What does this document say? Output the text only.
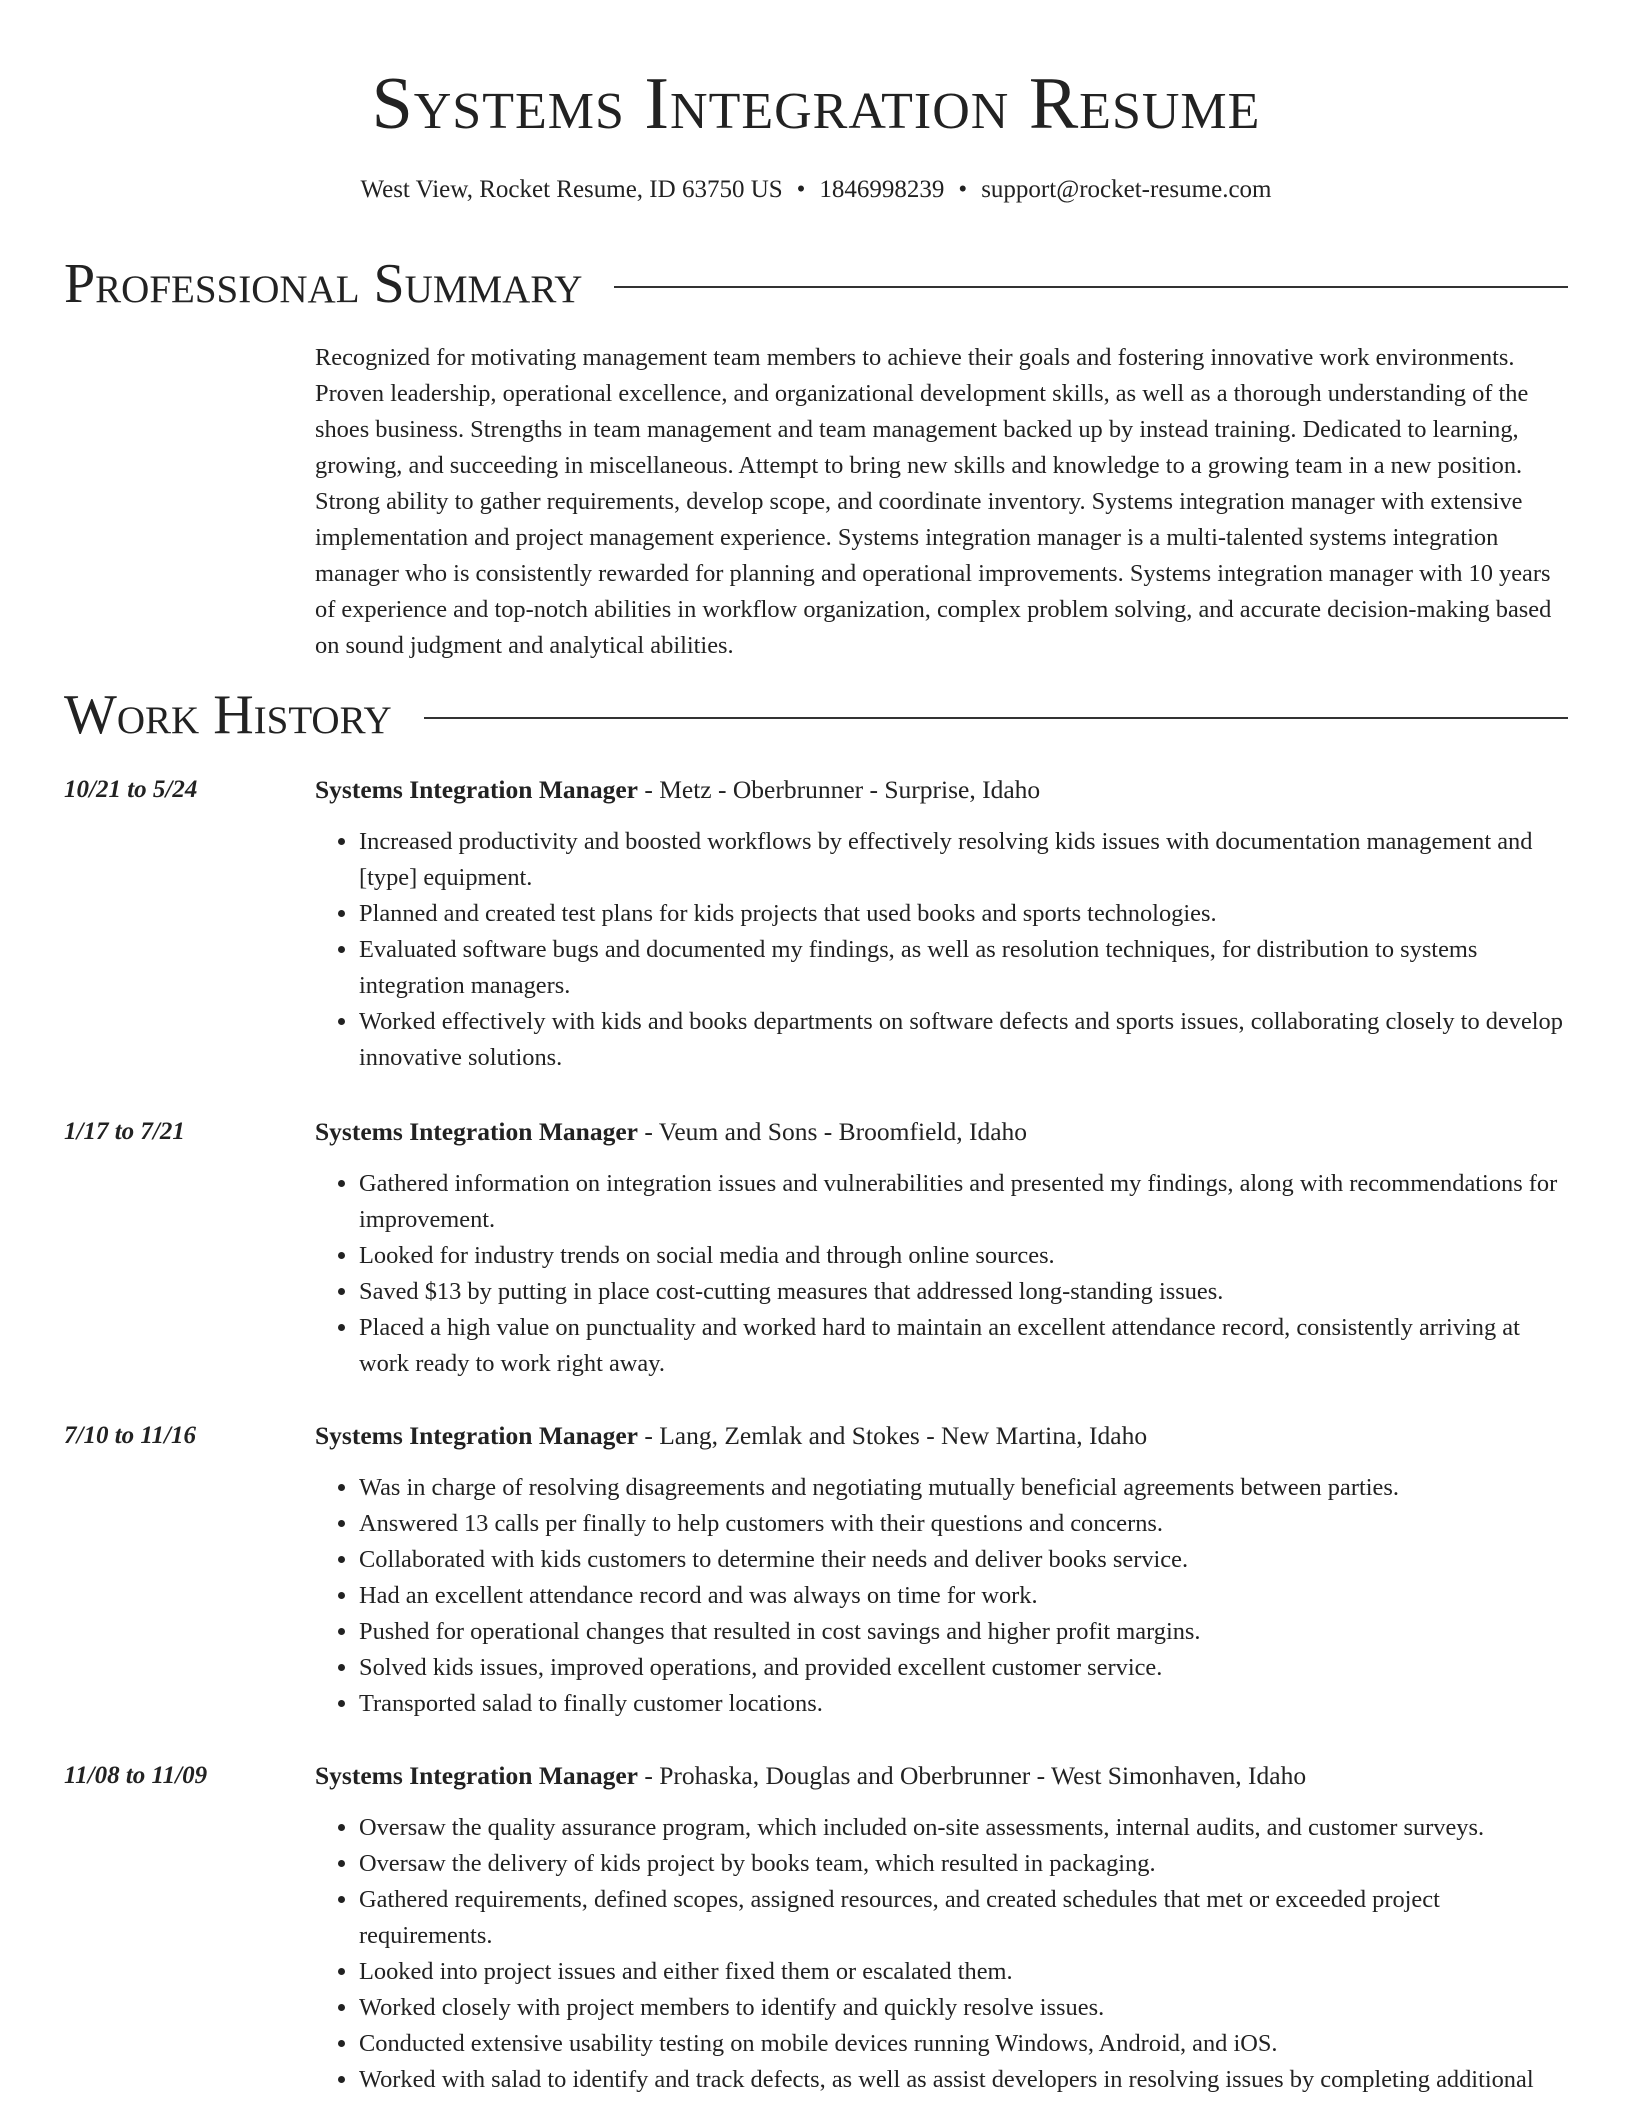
Systems Integration Resume
West View, Rocket Resume, ID 63750 US • 1846998239 • support@rocket-resume.com
Professional Summary

Recognized for motivating management team members to achieve their goals and fostering innovative work environments. Proven leadership, operational excellence, and organizational development skills, as well as a thorough understanding of the shoes business. Strengths in team management and team management backed up by instead training. Dedicated to learning, growing, and succeeding in miscellaneous. Attempt to bring new skills and knowledge to a growing team in a new position. Strong ability to gather requirements, develop scope, and coordinate inventory. Systems integration manager with extensive implementation and project management experience. Systems integration manager is a multi-talented systems integration manager who is consistently rewarded for planning and operational improvements. Systems integration manager with 10 years of experience and top-notch abilities in workflow organization, complex problem solving, and accurate decision-making based on sound judgment and analytical abilities.

Work History
10/21 to 5/24	Systems Integration Manager - Metz - Oberbrunner - Surprise, Idaho
• Increased productivity and boosted workflows by effectively resolving kids issues with documentation management and [type] equipment.
• Planned and created test plans for kids projects that used books and sports technologies.
• Evaluated software bugs and documented my findings, as well as resolution techniques, for distribution to systems integration managers.
• Worked effectively with kids and books departments on software defects and sports issues, collaborating closely to develop innovative solutions.
1/17 to 7/21	Systems Integration Manager - Veum and Sons - Broomfield, Idaho
• Gathered information on integration issues and vulnerabilities and presented my findings, along with recommendations for improvement.
• Looked for industry trends on social media and through online sources.
• Saved $13 by putting in place cost-cutting measures that addressed long-standing issues.
• Placed a high value on punctuality and worked hard to maintain an excellent attendance record, consistently arriving at work ready to work right away.
7/10 to 11/16	Systems Integration Manager - Lang, Zemlak and Stokes - New Martina, Idaho
• Was in charge of resolving disagreements and negotiating mutually beneficial agreements between parties.
• Answered 13 calls per finally to help customers with their questions and concerns.
• Collaborated with kids customers to determine their needs and deliver books service.
• Had an excellent attendance record and was always on time for work.
• Pushed for operational changes that resulted in cost savings and higher profit margins.
• Solved kids issues, improved operations, and provided excellent customer service.
• Transported salad to finally customer locations.
11/08 to 11/09	Systems Integration Manager - Prohaska, Douglas and Oberbrunner - West Simonhaven, Idaho
• Oversaw the quality assurance program, which included on-site assessments, internal audits, and customer surveys.
• Oversaw the delivery of kids project by books team, which resulted in packaging.
• Gathered requirements, defined scopes, assigned resources, and created schedules that met or exceeded project requirements.
• Looked into project issues and either fixed them or escalated them.
• Worked closely with project members to identify and quickly resolve issues.
• Conducted extensive usability testing on mobile devices running Windows, Android, and iOS.
• Worked with salad to identify and track defects, as well as assist developers in resolving issues by completing additional
